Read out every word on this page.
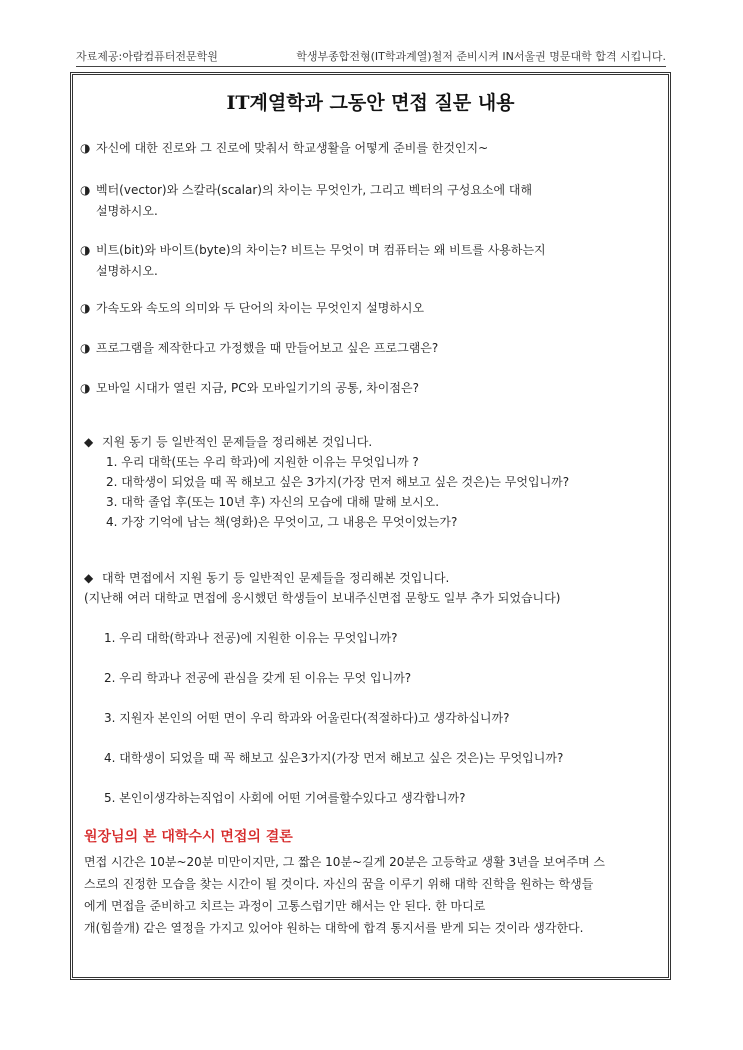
자료제공:아람컴퓨터전문학원	학생부종합전형(IT학과계열)철저 준비시켜 IN서울권 명문대학 합격 시킵니다.
IT계열학과 그동안 면접 질문 내용
◑ 자신에 대한 진로와 그 진로에 맞춰서 학교생활을 어떻게 준비를 한것인지~
◑ 벡터(vector)와 스칼라(scalar)의 차이는 무엇인가, 그리고 벡터의 구성요소에 대해
설명하시오.
◑ 비트(bit)와 바이트(byte)의 차이는? 비트는 무엇이 며 컴퓨터는 왜 비트를 사용하는지
설명하시오.
◑ 가속도와 속도의 의미와 두 단어의 차이는 무엇인지 설명하시오
◑ 프로그램을 제작한다고 가정했을 때 만들어보고 싶은 프로그램은?
◑ 모바일 시대가 열린 지금, PC와 모바일기기의 공통, 차이점은?
◆ 지원 동기 등 일반적인 문제들을 정리해본 것입니다.
1. 우리 대학(또는 우리 학과)에 지원한 이유는 무엇입니까 ?
2. 대학생이 되었을 때 꼭 해보고 싶은 3가지(가장 먼저 해보고 싶은 것은)는 무엇입니까?
3. 대학 졸업 후(또는 10년 후) 자신의 모습에 대해 말해 보시오.
4. 가장 기억에 남는 책(영화)은 무엇이고, 그 내용은 무엇이었는가?
◆ 대학 면접에서 지원 동기 등 일반적인 문제들을 정리해본 것입니다.
(지난해 여러 대학교 면접에 응시했던 학생들이 보내주신면접 문항도 일부 추가 되었습니다)
1. 우리 대학(학과나 전공)에 지원한 이유는 무엇입니까?
2. 우리 학과나 전공에 관심을 갖게 된 이유는 무엇 입니까?
3. 지원자 본인의 어떤 면이 우리 학과와 어울린다(적절하다)고 생각하십니까?
4. 대학생이 되었을 때 꼭 해보고 싶은3가지(가장 먼저 해보고 싶은 것은)는 무엇입니까?
5. 본인이생각하는직업이 사회에 어떤 기여를할수있다고 생각합니까?
원장님의 본 대학수시 면접의 결론
면접 시간은 10분~20분 미만이지만, 그 짧은 10분~길게 20분은 고등학교 생활 3년을 보여주며 스
스로의 진정한 모습을 찾는 시간이 될 것이다. 자신의 꿈을 이루기 위해 대학 진학을 원하는 학생들
에게 면접을 준비하고 치르는 과정이 고통스럽기만 해서는 안 된다. 한 마디로
개(힘쓸개) 같은 열정을 가지고 있어야 원하는 대학에 합격 통지서를 받게 되는 것이라 생각한다.
